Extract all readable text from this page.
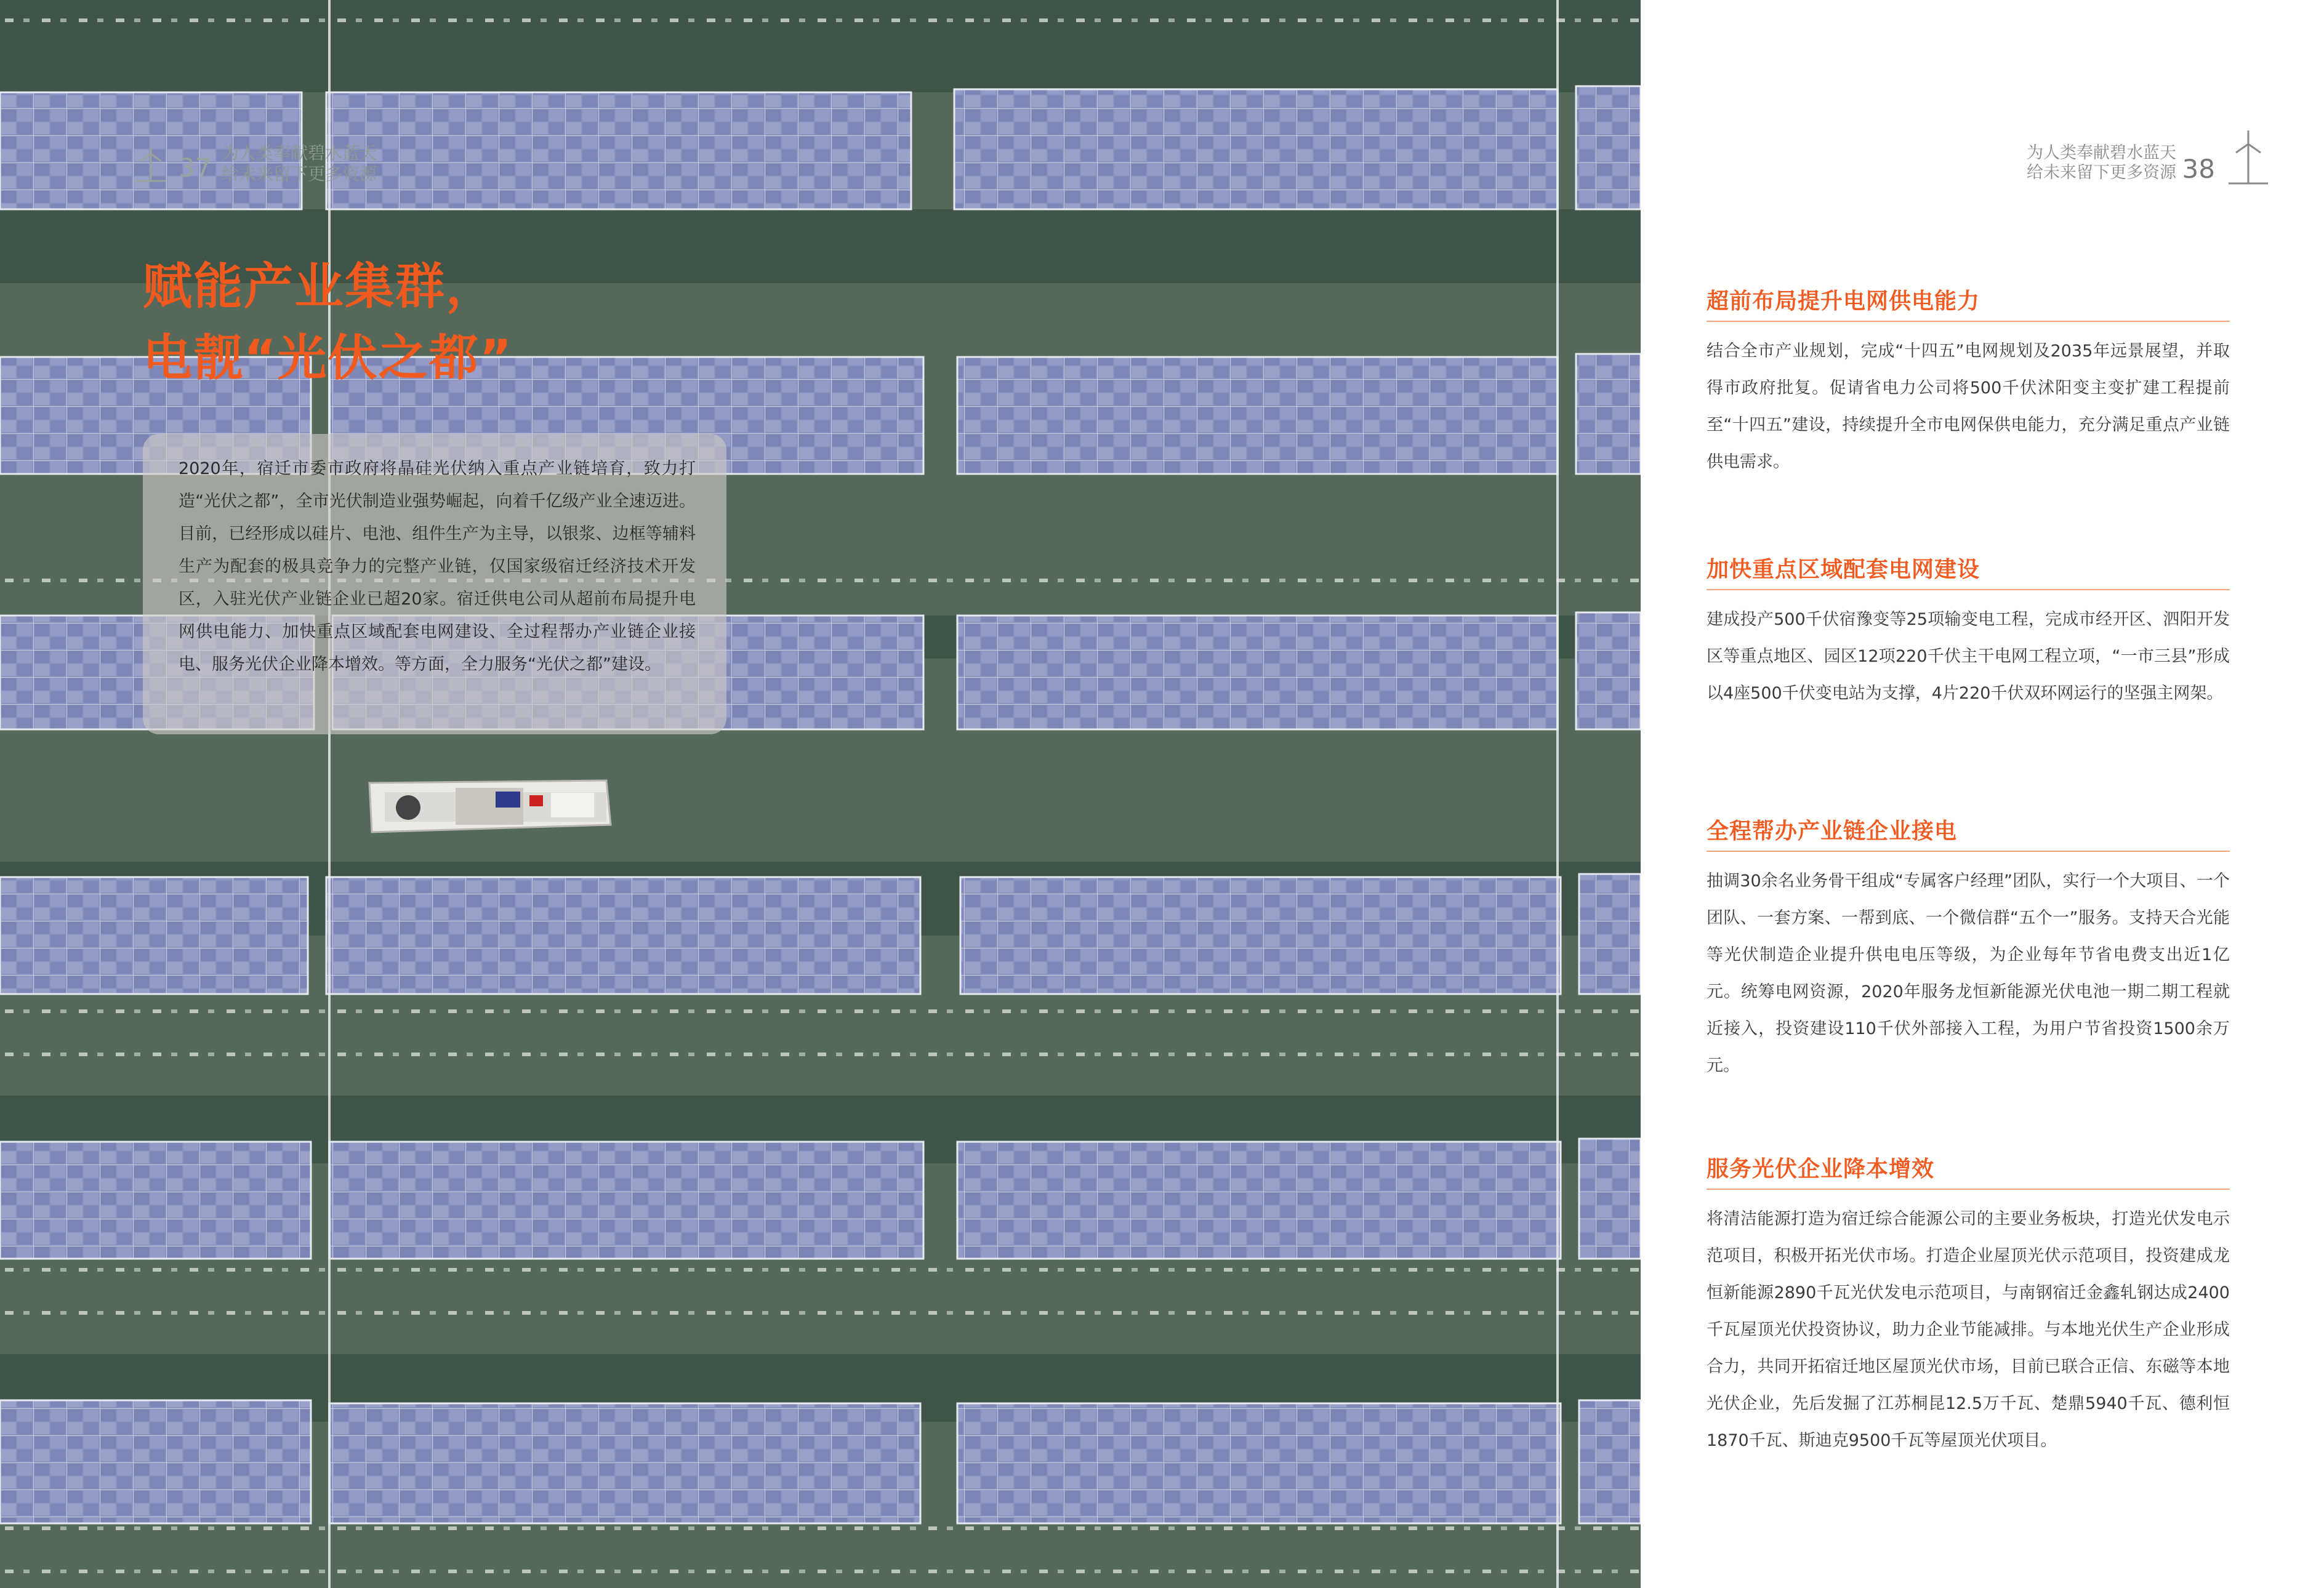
37 为人类奉献碧水蓝天
给未来留下更多资源
赋能产业集群，
电靓“光伏之都”
2020年，宿迁市委市政府将晶硅光伏纳入重点产业链培育，致力打造“光伏之都”，全市光伏制造业强势崛起，向着千亿级产业全速迈进。目前，已经形成以硅片、电池、组件生产为主导，以银浆、边框等辅料生产为配套的极具竞争力的完整产业链，仅国家级宿迁经济技术开发区，入驻光伏产业链企业已超20家。宿迁供电公司从超前布局提升电网供电能力、加快重点区域配套电网建设、全过程帮办产业链企业接电、服务光伏企业降本增效。等方面，全力服务“光伏之都”建设。
为人类奉献碧水蓝天
给未来留下更多资源 38
超前布局提升电网供电能力

结合全市产业规划，完成“十四五”电网规划及2035年远景展望，并取得市政府批复。促请省电力公司将500千伏沭阳变主变扩建工程提前至“十四五”建设，持续提升全市电网保供电能力，充分满足重点产业链供电需求。

加快重点区域配套电网建设

建成投产500千伏宿豫变等25项输变电工程，完成市经开区、泗阳开发区等重点地区、园区12项220千伏主干电网工程立项，“一市三县”形成以4座500千伏变电站为支撑，4片220千伏双环网运行的坚强主网架。

全程帮办产业链企业接电

抽调30余名业务骨干组成“专属客户经理”团队，实行一个大项目、一个团队、一套方案、一帮到底、一个微信群“五个一”服务。支持天合光能等光伏制造企业提升供电电压等级，为企业每年节省电费支出近1亿元。统筹电网资源，2020年服务龙恒新能源光伏电池一期二期工程就近接入，投资建设110千伏外部接入工程，为用户节省投资1500余万元。

服务光伏企业降本增效

将清洁能源打造为宿迁综合能源公司的主要业务板块，打造光伏发电示范项目，积极开拓光伏市场。打造企业屋顶光伏示范项目，投资建成龙恒新能源2890千瓦光伏发电示范项目，与南钢宿迁金鑫轧钢达成2400千瓦屋顶光伏投资协议，助力企业节能减排。与本地光伏生产企业形成合力，共同开拓宿迁地区屋顶光伏市场，目前已联合正信、东磁等本地光伏企业，先后发掘了江苏桐昆12.5万千瓦、楚鼎5940千瓦、德利恒1870千瓦、斯迪克9500千瓦等屋顶光伏项目。
